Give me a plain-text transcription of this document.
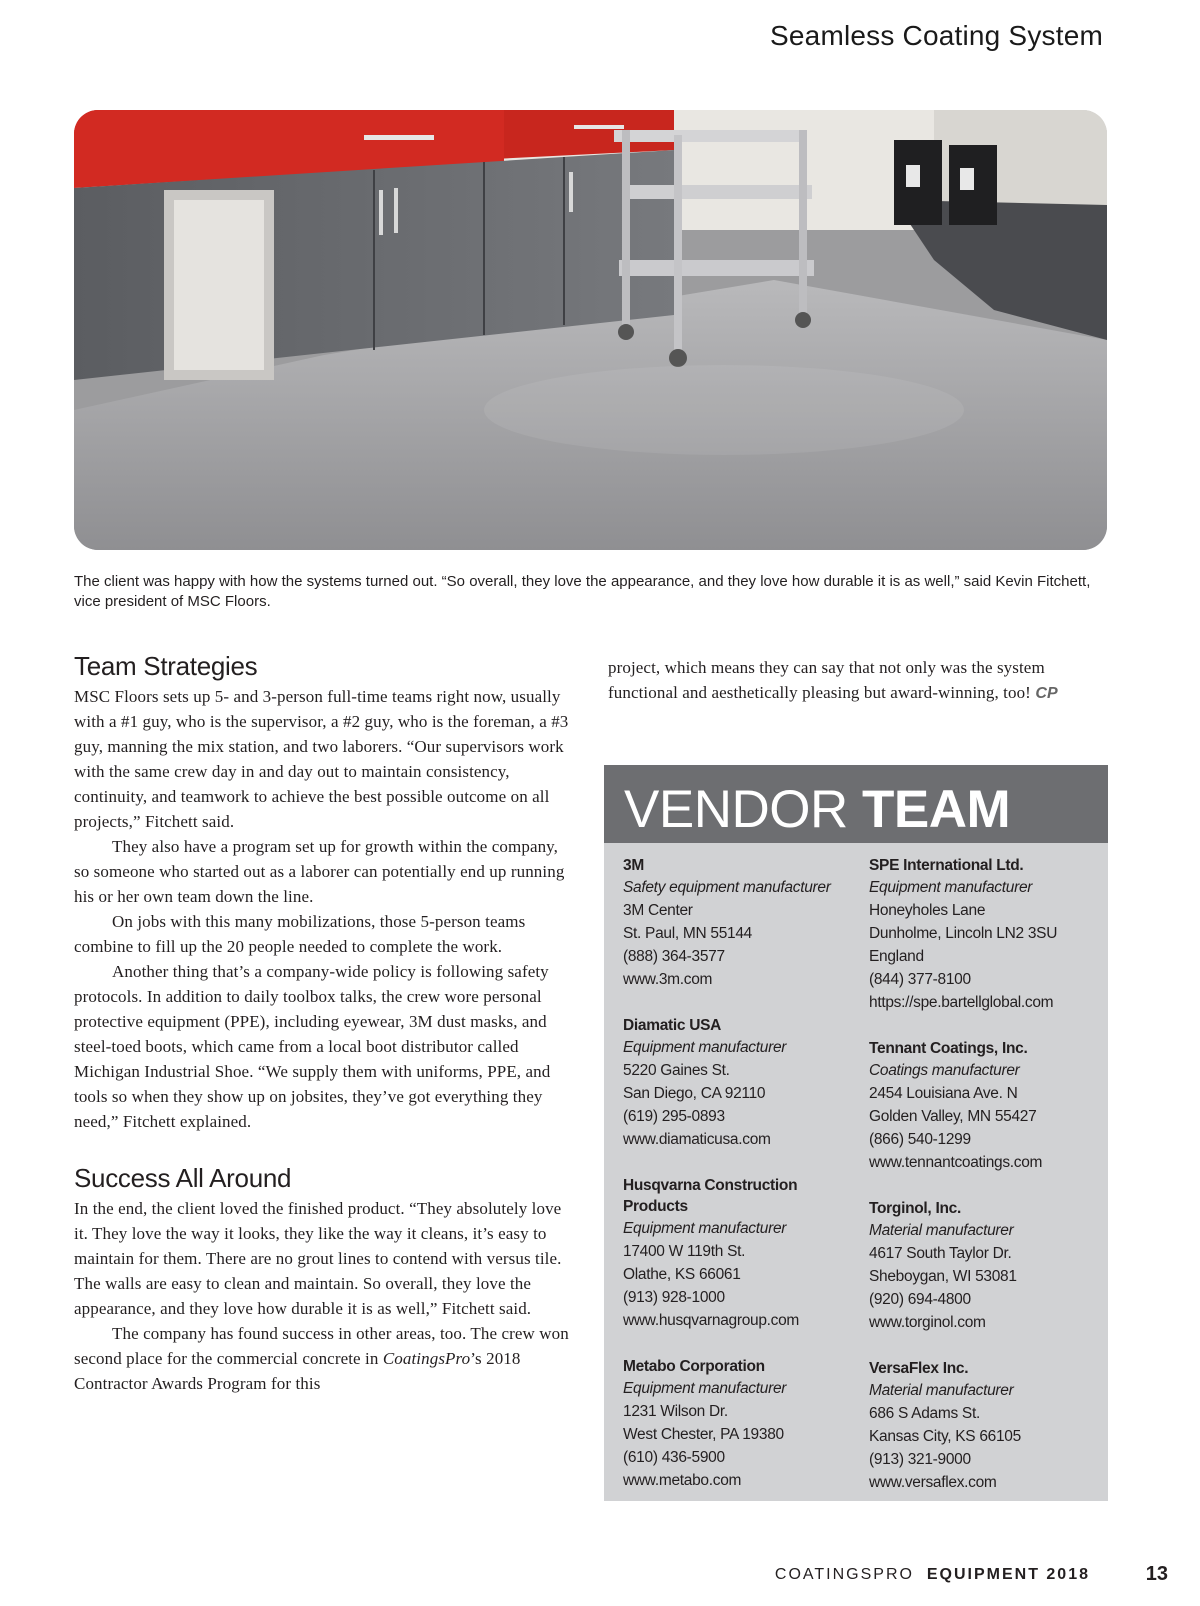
Seamless Coating System
The client was happy with how the systems turned out. “So overall, they love the appearance, and they love how durable it is as well,” said Kevin Fitchett, vice president of MSC Floors.
Team Strategies

MSC Floors sets up 5- and 3-person full-time teams right now, usually with a #1 guy, who is the supervisor, a #2 guy, who is the foreman, a #3 guy, manning the mix station, and two laborers. “Our supervisors work with the same crew day in and day out to maintain consistency, continuity, and teamwork to achieve the best possible outcome on all projects,” Fitchett said.

They also have a program set up for growth within the company, so someone who started out as a laborer can potentially end up running his or her own team down the line.

On jobs with this many mobilizations, those 5-person teams combine to fill up the 20 people needed to complete the work.

Another thing that’s a company-wide policy is following safety protocols. In addition to daily toolbox talks, the crew wore personal protective equipment (PPE), including eyewear, 3M dust masks, and steel-toed boots, which came from a local boot distributor called Michigan Industrial Shoe. “We supply them with uniforms, PPE, and tools so when they show up on jobsites, they’ve got everything they need,” Fitchett explained.

Success All Around

In the end, the client loved the finished product. “They absolutely love it. They love the way it looks, they like the way it cleans, it’s easy to maintain for them. There are no grout lines to contend with versus tile. The walls are easy to clean and maintain. So overall, they love the appearance, and they love how durable it is as well,” Fitchett said.

The company has found success in other areas, too. The crew won second place for the commercial concrete in CoatingsPro’s 2018 Contractor Awards Program for this

project, which means they can say that not only was the system functional and aesthetically pleasing but award-winning, too! CP

VENDOR TEAM
3M
Safety equipment manufacturer
3M Center
St. Paul, MN 55144
(888) 364-3577
www.3m.com
Diamatic USA
Equipment manufacturer
5220 Gaines St.
San Diego, CA 92110
(619) 295-0893
www.diamaticusa.com
Husqvarna Construction Products
Equipment manufacturer
17400 W 119th St.
Olathe, KS 66061
(913) 928-1000
www.husqvarnagroup.com
Metabo Corporation
Equipment manufacturer
1231 Wilson Dr.
West Chester, PA 19380
(610) 436-5900
www.metabo.com
SPE International Ltd.
Equipment manufacturer
Honeyholes Lane
Dunholme, Lincoln LN2 3SU
England
(844) 377-8100
https://spe.bartellglobal.com
Tennant Coatings, Inc.
Coatings manufacturer
2454 Louisiana Ave. N
Golden Valley, MN 55427
(866) 540-1299
www.tennantcoatings.com
Torginol, Inc.
Material manufacturer
4617 South Taylor Dr.
Sheboygan, WI 53081
(920) 694-4800
www.torginol.com
VersaFlex Inc.
Material manufacturer
686 S Adams St.
Kansas City, KS 66105
(913) 321-9000
www.versaflex.com
COATINGSPRO EQUIPMENT 2018	13
